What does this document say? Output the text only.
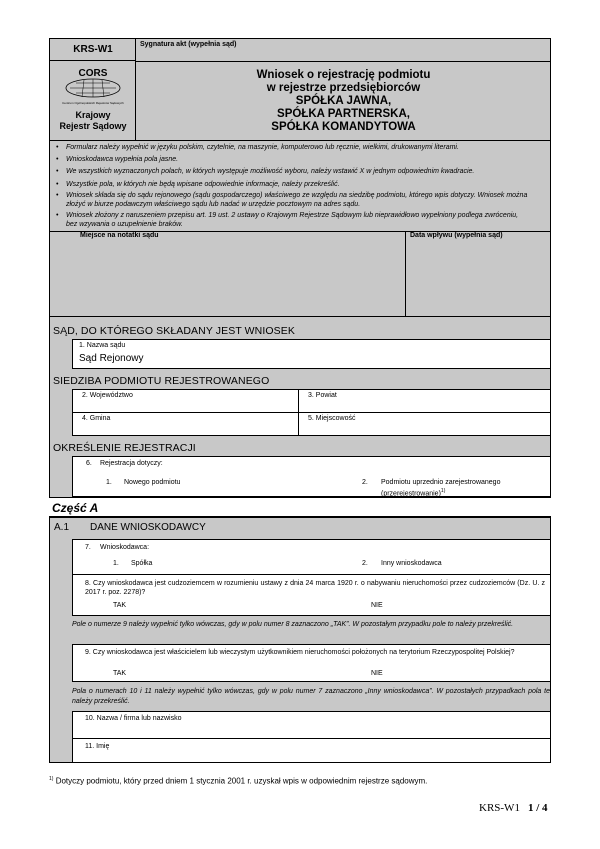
KRS-W1	Sygnatura akt (wypełnia sąd)
CORS
Centrum Ogólnopolskich Rejestrów Sądowych
Krajowy
Rejestr Sądowy
Wniosek o rejestrację podmiotu
w rejestrze przedsiębiorców
SPÓŁKA JAWNA,
SPÓŁKA PARTNERSKA,
SPÓŁKA KOMANDYTOWA
• Formularz należy wypełnić w języku polskim, czytelnie, na maszynie, komputerowo lub ręcznie, wielkimi, drukowanymi literami.
• Wnioskodawca wypełnia pola jasne.
• We wszystkich wyznaczonych polach, w których występuje możliwość wyboru, należy wstawić X w jednym odpowiednim kwadracie.
• Wszystkie pola, w których nie będą wpisane odpowiednie informacje, należy przekreślić.
• Wniosek składa się do sądu rejonowego (sądu gospodarczego) właściwego ze względu na siedzibę podmiotu, którego wpis dotyczy. Wniosek można złożyć w biurze podawczym właściwego sądu lub nadać w urzędzie pocztowym na adres sądu.
• Wniosek złożony z naruszeniem przepisu art. 19 ust. 2 ustawy o Krajowym Rejestrze Sądowym lub nieprawidłowo wypełniony podlega zwróceniu, bez wzywania o uzupełnienie braków.
Miejsce na notatki sądu	Data wpływu (wypełnia sąd)
SĄD, DO KTÓREGO SKŁADANY JEST WNIOSEK
1. Nazwa sądu
Sąd Rejonowy
SIEDZIBA PODMIOTU REJESTROWANEGO
2. Województwo	3. Powiat
4. Gmina	5. Miejscowość
OKREŚLENIE REJESTRACJI
6. Rejestracja dotyczy:
1. Nowego podmiotu	2. Podmiotu uprzednio zarejestrowanego
(przerejestrowanie)$^{1)}$
Część A
A.1 DANE WNIOSKODAWCY
7. Wnioskodawca:
1. Spółka	2. Inny wnioskodawca
8. Czy wnioskodawca jest cudzoziemcem w rozumieniu ustawy z dnia 24 marca 1920 r. o nabywaniu nieruchomości przez cudzoziemców (Dz. U. z 2017 r. poz. 2278)?
TAK	NIE
Pole o numerze 9 należy wypełnić tylko wówczas, gdy w polu numer 8 zaznaczono „TAK”. W pozostałym przypadku pole to należy przekreślić.
9. Czy wnioskodawca jest właścicielem lub wieczystym użytkownikiem nieruchomości położonych na terytorium Rzeczypospolitej Polskiej?
TAK	NIE
Pola o numerach 10 i 11 należy wypełnić tylko wówczas, gdy w polu numer 7 zaznaczono „Inny wnioskodawca”. W pozostałych przypadkach pola te należy przekreślić.
10. Nazwa / firma lub nazwisko
11. Imię
$^{1)}$ Dotyczy podmiotu, który przed dniem 1 stycznia 2001 r. uzyskał wpis w odpowiednim rejestrze sądowym.
KRS-W1 1 / 4
